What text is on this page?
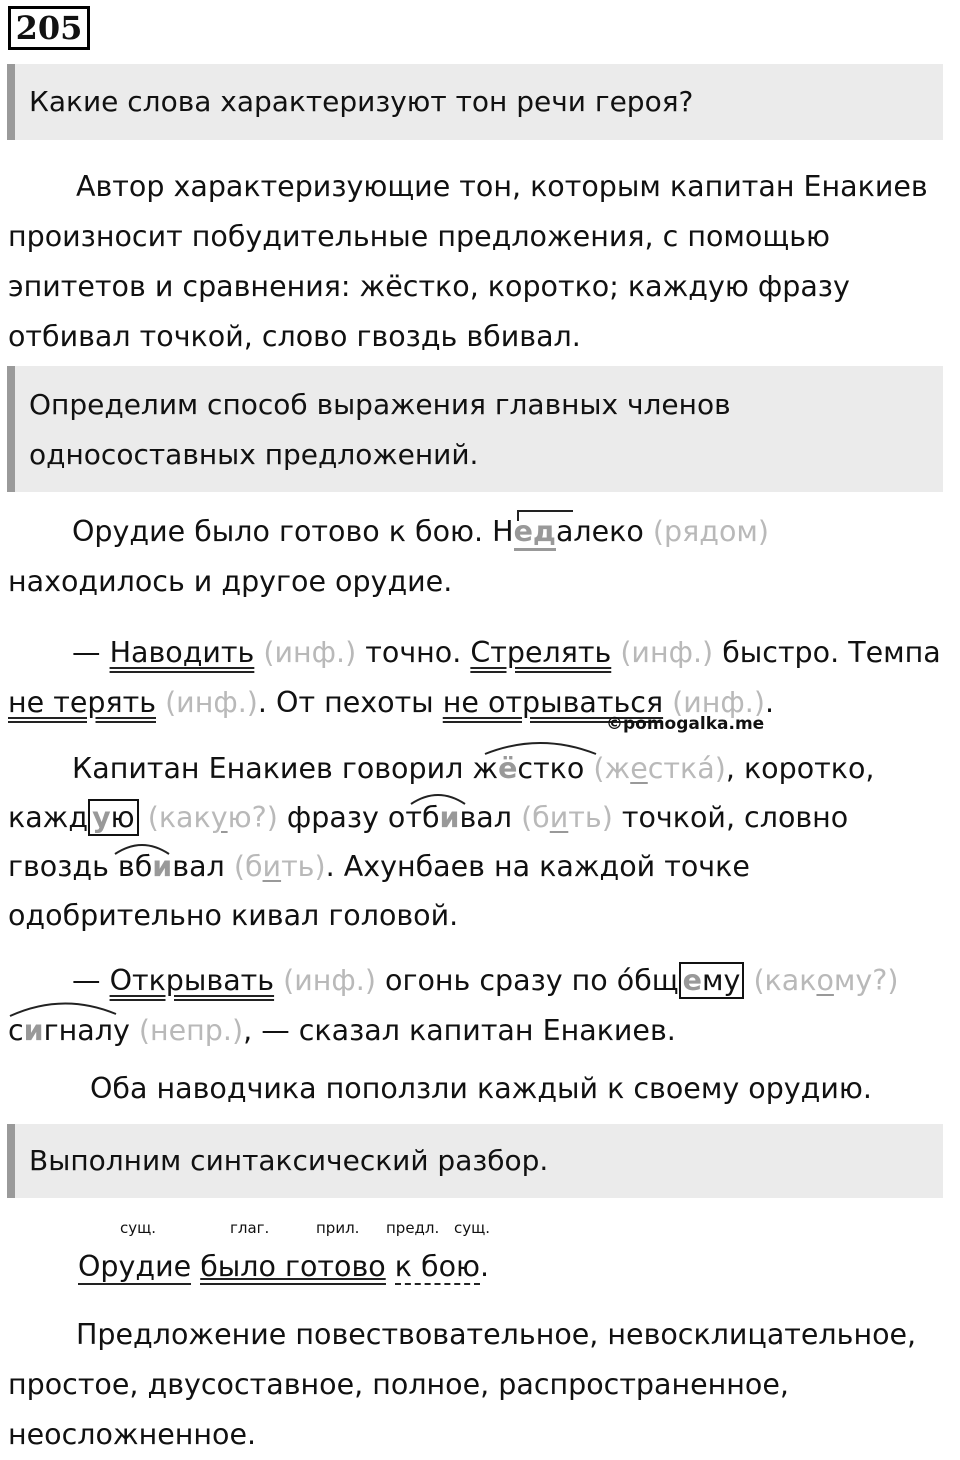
205
Какие слова характеризуют тон речи героя?
Автор характеризующие тон, которым капитан Енакиев
произносит побудительные предложения, с помощью
эпитетов и сравнения: жёстко, коротко; каждую фразу
отбивал точкой, слово гвоздь вбивал.
Определим способ выражения главных членов
односоставных предложений.
Орудие было готово к бою. Недалеко (рядом)
находилось и другое орудие.
— Наводить (инф.) точно. Стрелять (инф.) быстро. Темпа
не терять (инф.). От пехоты не отрываться (инф.).
©pomogalka.me
Капитан Енакиев говорил жёстко (жестка́), коротко,
кажд ую (какую?) фразу отбивал (бить) точкой, словно
гвоздь вбивал (бить). Ахунбаев на каждой точке
одобрительно кивал головой.
— Открывать (инф.) огонь сразу по о́бщ ему (какому?)
сигналу (непр.), — сказал капитан Енакиев.
Оба наводчика поползли каждый к своему орудию.
Выполним синтаксический разбор.
сущ.	глаг.	прил. предл. сущ.
Орудие было готово к бою.
Предложение повествовательное, невосклицательное,
простое, двусоставное, полное, распространенное,
неосложненное.
